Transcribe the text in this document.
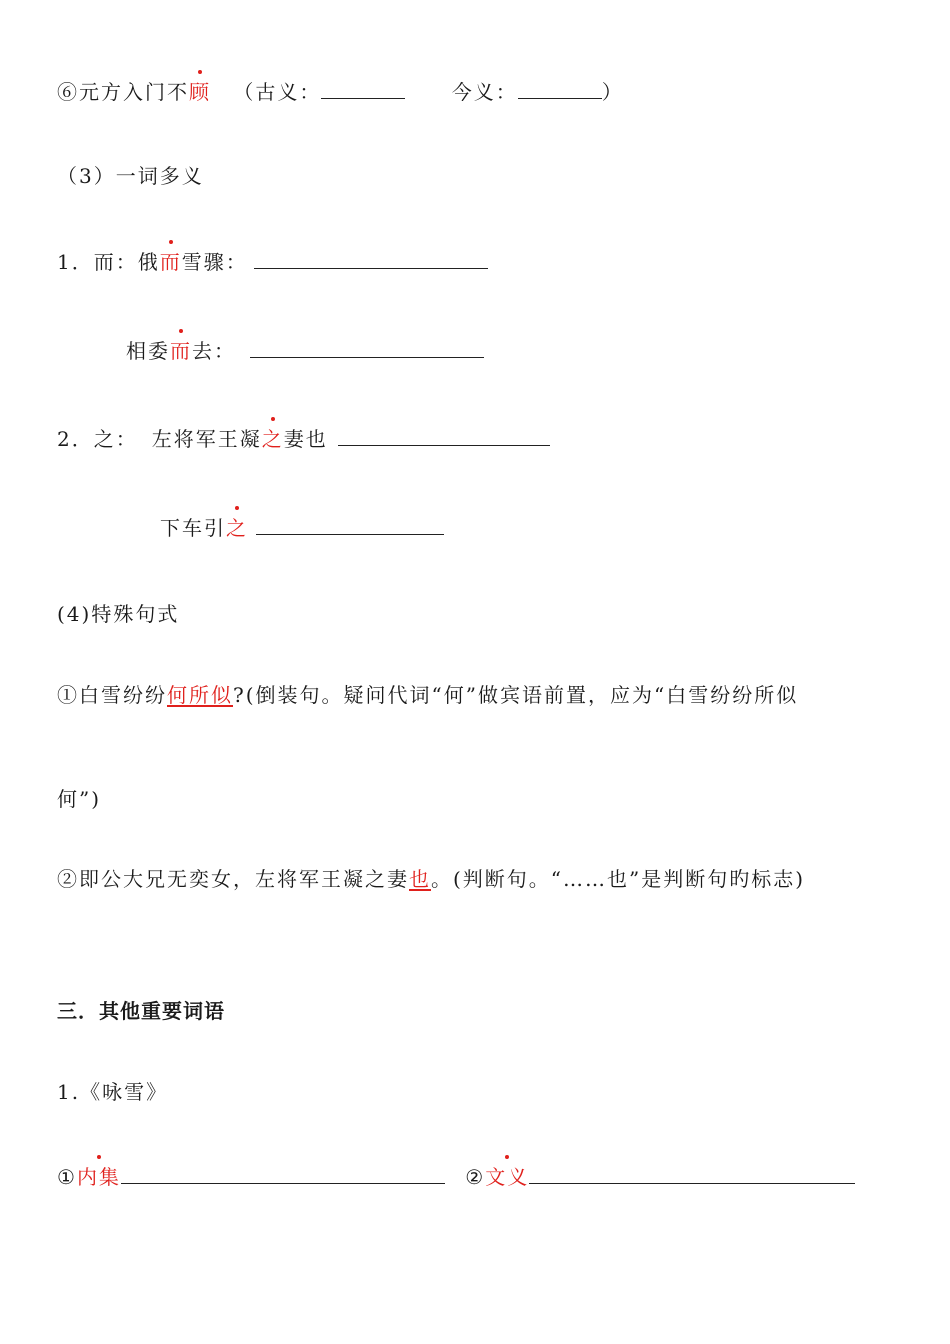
⑥元方入门不顾 （古义：	今义：	）
（3）一词多义
1．而：俄而雪骤：
相委而去：
2．之： 左将军王凝之妻也
下车引之
(4)特殊句式
①白雪纷纷何所似?(倒装句。疑问代词“何”做宾语前置，应为“白雪纷纷所似
何”)
②即公大兄无奕女，左将军王凝之妻也。(判断句。“……也”是判断句旳标志)
三．其他重要词语
1.《咏雪》
①内集	②文义
